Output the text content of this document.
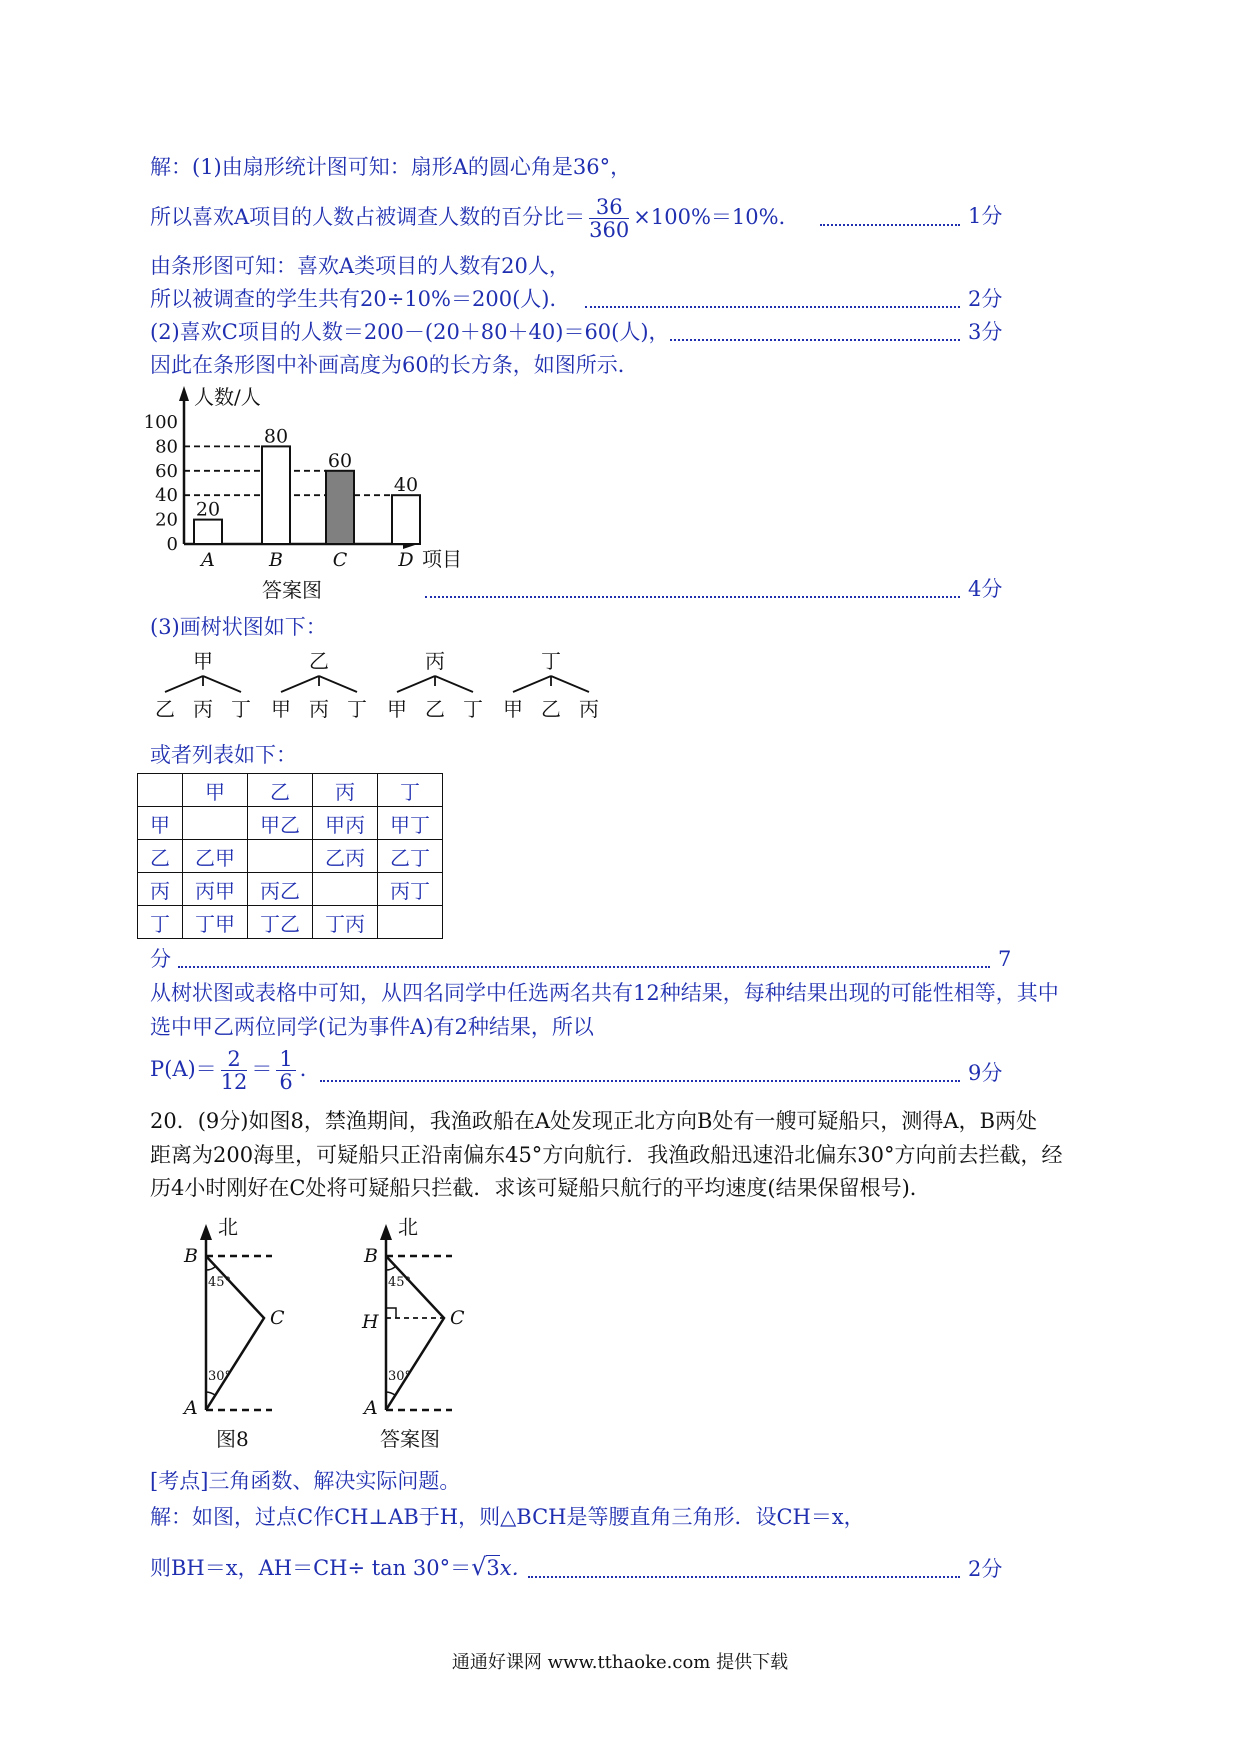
解：(1)由扇形统计图可知：扇形A的圆心角是36°，
所以喜欢A项目的人数占被调查人数的百分比＝ $\frac{36}{360} \times 100\%=10\%$．	1分
由条形图可知：喜欢A类项目的人数有20人，
所以被调查的学生共有20÷10%＝200(人)．	2分
(2)喜欢C项目的人数＝200－(20＋80＋40)＝60(人)，	3分
因此在条形图中补画高度为60的长方条，如图所示．
人数/人
项目
0
20
40
60
80
100
20
A
80
B
60
C
40
D
答案图	4分
(3)画树状图如下：
甲
乙 丙 丁
乙
甲 丙 丁
丙
甲 乙 丁
丁
甲 乙 丙
或者列表如下：
	甲	乙	丙	丁
甲		甲乙	甲丙	甲丁
乙	乙甲		乙丙	乙丁
丙	丙甲	丙乙		丙丁
丁	丁甲	丁乙	丁丙	
分	7
从树状图或表格中可知，从四名同学中任选两名共有12种结果，每种结果出现的可能性相等，其中
选中甲乙两位同学(记为事件A)有2种结果，所以
$P(A)= \frac{2}{12} = \frac{1}{6}$ ．	9分
20．(9分)如图8，禁渔期间，我渔政船在A处发现正北方向B处有一艘可疑船只，测得A，B两处
距离为200海里，可疑船只正沿南偏东45°方向航行．我渔政船迅速沿北偏东30°方向前去拦截，经
历4小时刚好在C处将可疑船只拦截．求该可疑船只航行的平均速度(结果保留根号)．
北
B
C
A
45°
30°
图8
北
B
C
H
A
45°
30°
答案图
[考点]三角函数、解决实际问题。
解：如图，过点C作CH⊥AB于H，则△BCH是等腰直角三角形．设CH＝x，
则BH＝x，AH＝CH÷ tan 30°＝√3x．	2分
通通好课网 www.tthaoke.com 提供下载
